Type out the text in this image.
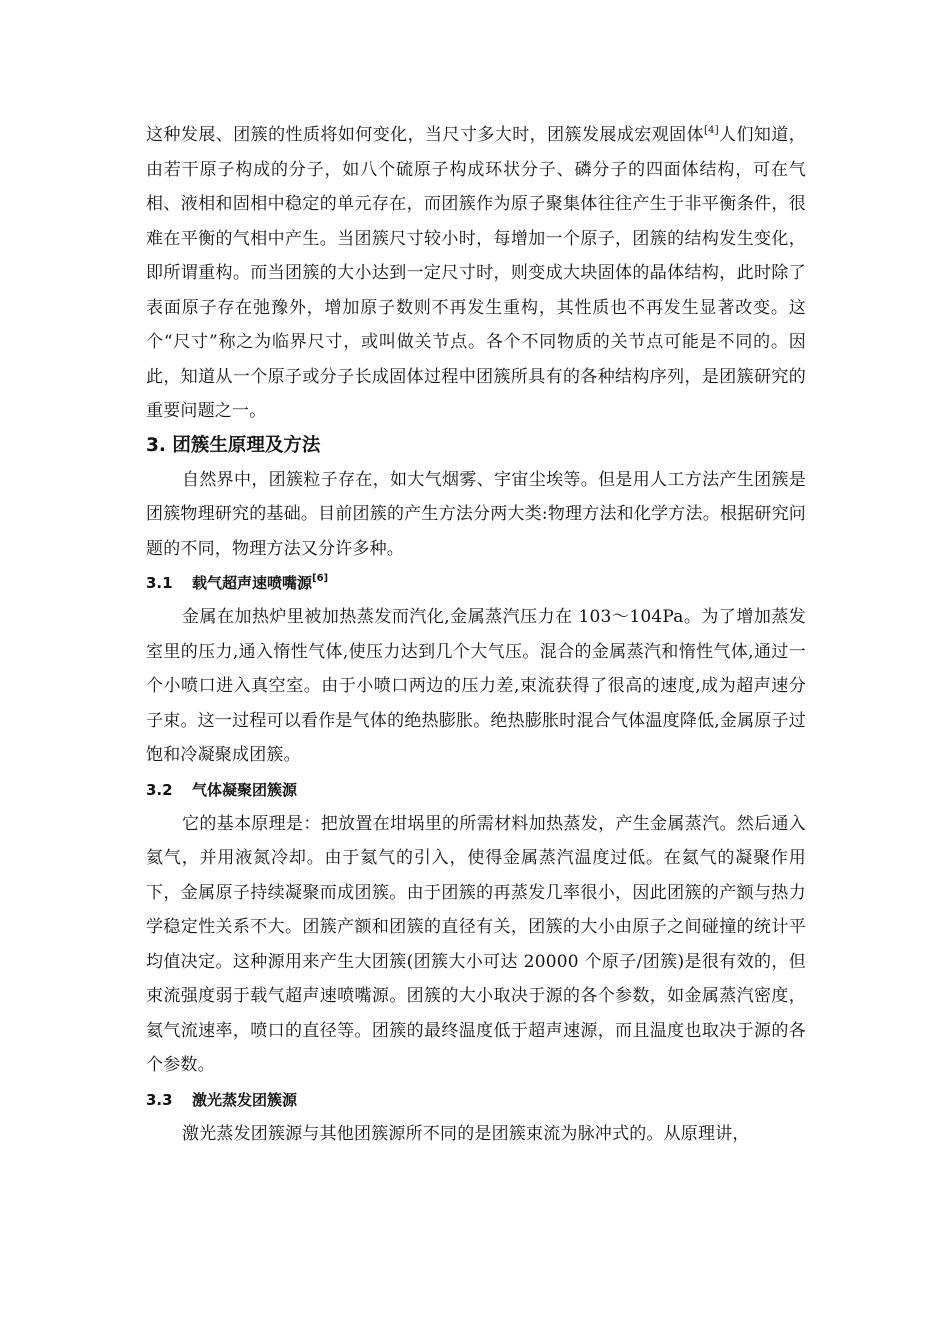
这种发展、团簇的性质将如何变化，当尺寸多大时，团簇发展成宏观固体[4]人们知道，由若干原子构成的分子，如八个硫原子构成环状分子、磷分子的四面体结构，可在气相、液相和固相中稳定的单元存在，而团簇作为原子聚集体往往产生于非平衡条件，很难在平衡的气相中产生。当团簇尺寸较小时，每增加一个原子，团簇的结构发生变化，即所谓重构。而当团簇的大小达到一定尺寸时，则变成大块固体的晶体结构，此时除了表面原子存在弛豫外，增加原子数则不再发生重构，其性质也不再发生显著改变。这个“尺寸”称之为临界尺寸，或叫做关节点。各个不同物质的关节点可能是不同的。因此，知道从一个原子或分子长成固体过程中团簇所具有的各种结构序列，是团簇研究的重要问题之一。

3. 团簇生原理及方法

自然界中，团簇粒子存在，如大气烟雾、宇宙尘埃等。但是用人工方法产生团簇是团簇物理研究的基础。目前团簇的产生方法分两大类:物理方法和化学方法。根据研究问题的不同，物理方法又分许多种。

3.1 载气超声速喷嘴源[6]

金属在加热炉里被加热蒸发而汽化,金属蒸汽压力在 103～104Pa。为了增加蒸发室里的压力,通入惰性气体,使压力达到几个大气压。混合的金属蒸汽和惰性气体,通过一个小喷口进入真空室。由于小喷口两边的压力差,束流获得了很高的速度,成为超声速分子束。这一过程可以看作是气体的绝热膨胀。绝热膨胀时混合气体温度降低,金属原子过饱和冷凝聚成团簇。

3.2 气体凝聚团簇源

它的基本原理是：把放置在坩埚里的所需材料加热蒸发，产生金属蒸汽。然后通入氦气，并用液氮冷却。由于氦气的引入，使得金属蒸汽温度过低。在氦气的凝聚作用下，金属原子持续凝聚而成团簇。由于团簇的再蒸发几率很小，因此团簇的产额与热力学稳定性关系不大。团簇产额和团簇的直径有关，团簇的大小由原子之间碰撞的统计平均值决定。这种源用来产生大团簇(团簇大小可达 20000 个原子/团簇)是很有效的，但束流强度弱于载气超声速喷嘴源。团簇的大小取决于源的各个参数，如金属蒸汽密度，氦气流速率，喷口的直径等。团簇的最终温度低于超声速源，而且温度也取决于源的各个参数。

3.3 激光蒸发团簇源

激光蒸发团簇源与其他团簇源所不同的是团簇束流为脉冲式的。从原理讲，
